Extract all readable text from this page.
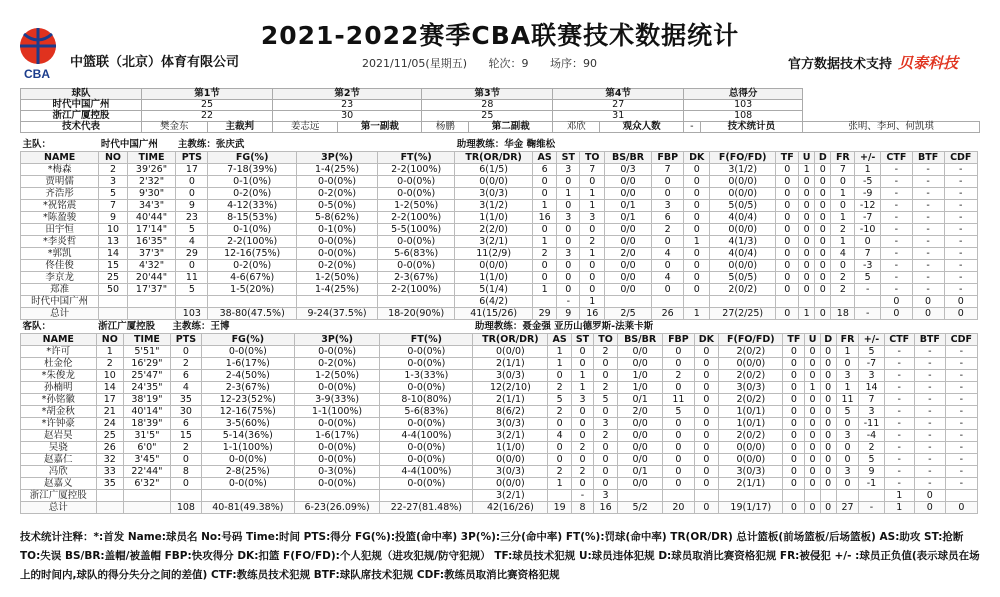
CBA
中篮联（北京）体育有限公司
2021-2022赛季CBA联赛技术数据统计
2021/11/05(星期五) 轮次：9 场序：90	官方数据技术支持 贝泰科技
球队	第1节		第2节		第3节		第4节		总得分		
时代中国广州	25		23		28		27		103		
浙江广厦控股	22		30		25		31		108		
技术代表	樊金东	主裁判	姜志远	第一副裁	杨鹏	第二副裁	邓欣	观众人数	-	技术统计员	张明、李珂、何凯琪
主队：	时代中国广州		主教练：张庆武				助理教练：华金 鞠维松															
NAME	NO	TIME	PTS	FG(%)	3P(%)	FT(%)	TR(OR/DR)	AS	ST	TO	BS/BR	FBP	DK	F(FO/FD)	TF	U	D	FR	+/-	CTF	BTF	CDF
*梅森	2	39'26"	17	7-18(39%)	1-4(25%)	2-2(100%)	6(1/5)	6	3	7	0/3	7	0	3(1/2)	0	1	0	7	1	-	-	-
贾明儒	3	2'32"	0	0-1(0%)	0-0(0%)	0-0(0%)	0(0/0)	0	0	0	0/0	0	0	0(0/0)	0	0	0	0	-5	-	-	-
齐浩彤	5	9'30"	0	0-2(0%)	0-2(0%)	0-0(0%)	3(0/3)	0	1	1	0/0	0	0	0(0/0)	0	0	0	1	-9	-	-	-
*祝铭震	7	34'3"	9	4-12(33%)	0-5(0%)	1-2(50%)	3(1/2)	1	0	1	0/1	3	0	5(0/5)	0	0	0	0	-12	-	-	-
*陈盈骏	9	40'44"	23	8-15(53%)	5-8(62%)	2-2(100%)	1(1/0)	16	3	3	0/1	6	0	4(0/4)	0	0	0	1	-7	-	-	-
田宇恒	10	17'14"	5	0-1(0%)	0-1(0%)	5-5(100%)	2(2/0)	0	0	0	0/0	2	0	0(0/0)	0	0	0	2	-10	-	-	-
*李炎哲	13	16'35"	4	2-2(100%)	0-0(0%)	0-0(0%)	3(2/1)	1	0	2	0/0	0	1	4(1/3)	0	0	0	1	0	-	-	-
*郭凯	14	37'3"	29	12-16(75%)	0-0(0%)	5-6(83%)	11(2/9)	2	3	1	2/0	4	0	4(0/4)	0	0	0	4	7	-	-	-
佟佳俊	15	4'32"	0	0-2(0%)	0-2(0%)	0-0(0%)	0(0/0)	0	0	0	0/0	0	0	0(0/0)	0	0	0	0	-3	-	-	-
李京龙	25	20'44"	11	4-6(67%)	1-2(50%)	2-3(67%)	1(1/0)	0	0	0	0/0	4	0	5(0/5)	0	0	0	2	5	-	-	-
郑准	50	17'37"	5	1-5(20%)	1-4(25%)	2-2(100%)	5(1/4)	1	0	0	0/0	0	0	2(0/2)	0	0	0	2	-	-	-	-
时代中国广州							6(4/2)		-	1										0	0	0
总计			103	38-80(47.5%)	9-24(37.5%)	18-20(90%)	41(15/26)	29	9	16	2/5	26	1	27(2/25)	0	1	0	18	-	0	0	0
客队：	浙江广厦控股		主教练：王博				助理教练：聂金强 亚历山德罗斯-法莱卡斯															
NAME	NO	TIME	PTS	FG(%)	3P(%)	FT(%)	TR(OR/DR)	AS	ST	TO	BS/BR	FBP	DK	F(FO/FD)	TF	U	D	FR	+/-	CTF	BTF	CDF
*许可	1	5'51"	0	0-0(0%)	0-0(0%)	0-0(0%)	0(0/0)	1	0	2	0/0	0	0	2(0/2)	0	0	0	1	5	-	-	-
杜金伦	2	16'29"	2	1-6(17%)	0-2(0%)	0-0(0%)	2(1/1)	1	0	0	0/0	0	0	0(0/0)	0	0	0	0	-7	-	-	-
*朱俊龙	10	25'47"	6	2-4(50%)	1-2(50%)	1-3(33%)	3(0/3)	0	1	0	1/0	2	0	2(0/2)	0	0	0	3	3	-	-	-
孙楠明	14	24'35"	4	2-3(67%)	0-0(0%)	0-0(0%)	12(2/10)	2	1	2	1/0	0	0	3(0/3)	0	1	0	1	14	-	-	-
*孙铭徽	17	38'19"	35	12-23(52%)	3-9(33%)	8-10(80%)	2(1/1)	5	3	5	0/1	11	0	2(0/2)	0	0	0	11	7	-	-	-
*胡金秋	21	40'14"	30	12-16(75%)	1-1(100%)	5-6(83%)	8(6/2)	2	0	0	2/0	5	0	1(0/1)	0	0	0	5	3	-	-	-
*许钟豪	24	18'39"	6	3-5(60%)	0-0(0%)	0-0(0%)	3(0/3)	0	0	3	0/0	0	0	1(0/1)	0	0	0	0	-11	-	-	-
赵岩昊	25	31'5"	15	5-14(36%)	1-6(17%)	4-4(100%)	3(2/1)	4	0	2	0/0	0	0	2(0/2)	0	0	0	3	-4	-	-	-
吴骁	26	6'0"	2	1-1(100%)	0-0(0%)	0-0(0%)	1(1/0)	0	2	0	0/0	0	0	0(0/0)	0	0	0	0	2	-	-	-
赵嘉仁	32	3'45"	0	0-0(0%)	0-0(0%)	0-0(0%)	0(0/0)	0	0	0	0/0	0	0	0(0/0)	0	0	0	0	5	-	-	-
冯欣	33	22'44"	8	2-8(25%)	0-3(0%)	4-4(100%)	3(0/3)	2	2	0	0/1	0	0	3(0/3)	0	0	0	3	9	-	-	-
赵嘉义	35	6'32"	0	0-0(0%)	0-0(0%)	0-0(0%)	0(0/0)	1	0	0	0/0	0	0	2(1/1)	0	0	0	0	-1	-	-	-
浙江广厦控股							3(2/1)		-	3										1	0	
总计			108	40-81(49.38%)	6-23(26.09%)	22-27(81.48%)	42(16/26)	19	8	16	5/2	20	0	19(1/17)	0	0	0	27	-	1	0	0
技术统计注释：*:首发 Name:球员名 No:号码 Time:时间 PTS:得分 FG(%):投篮(命中率) 3P(%):三分(命中率) FT(%):罚球(命中率) TR(OR/DR) 总计篮板(前场篮板/后场篮板) AS:助攻 ST:抢断 TO:失误 BS/BR:盖帽/被盖帽 FBP:快攻得分 DK:扣篮 F(FO/FD):个人犯规（进攻犯规/防守犯规） TF:球员技术犯规 U:球员违体犯规 D:球员取消比赛资格犯规 FR:被侵犯 +/- :球员正负值(表示球员在场上的时间内,球队的得分失分之间的差值) CTF:教练员技术犯规 BTF:球队席技术犯规 CDF:教练员取消比赛资格犯规
